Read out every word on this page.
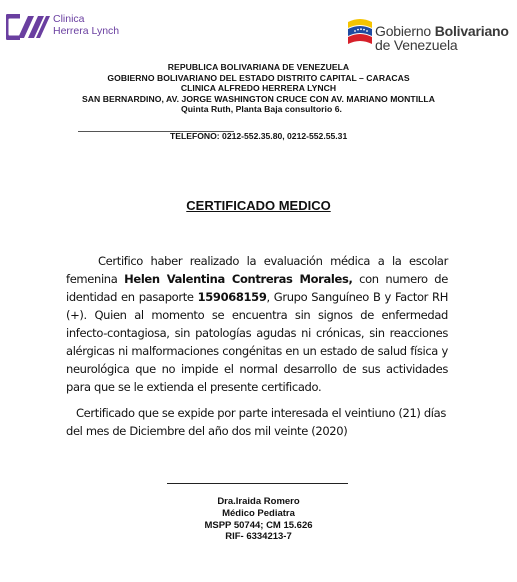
Clinica
Herrera Lynch	Gobierno Bolivariano
de Venezuela
REPUBLICA BOLIVARIANA DE VENEZUELA
GOBIERNO BOLIVARIANO DEL ESTADO DISTRITO CAPITAL – CARACAS
CLINICA ALFREDO HERRERA LYNCH
SAN BERNARDINO, AV. JORGE WASHINGTON CRUCE CON AV. MARIANO MONTILLA
Quinta Ruth, Planta Baja consultorio 6.
TELEFONO: 0212-552.35.80, 0212-552.55.31
CERTIFICADO MEDICO
Certifico haber realizado la evaluación médica a la escolar femenina Helen Valentina Contreras Morales, con numero de identidad en pasaporte 159068159, Grupo Sanguíneo B y Factor RH (+). Quien al momento se encuentra sin signos de enfermedad infecto-contagiosa, sin patologías agudas ni crónicas, sin reacciones alérgicas ni malformaciones congénitas en un estado de salud física y neurológica que no impide el normal desarrollo de sus actividades para que se le extienda el presente certificado.
Certificado que se expide por parte interesada el veintiuno (21) días del mes de Diciembre del año dos mil veinte (2020)
Dra.Iraida Romero
Médico Pediatra
MSPP 50744; CM 15.626
RIF- 6334213-7
